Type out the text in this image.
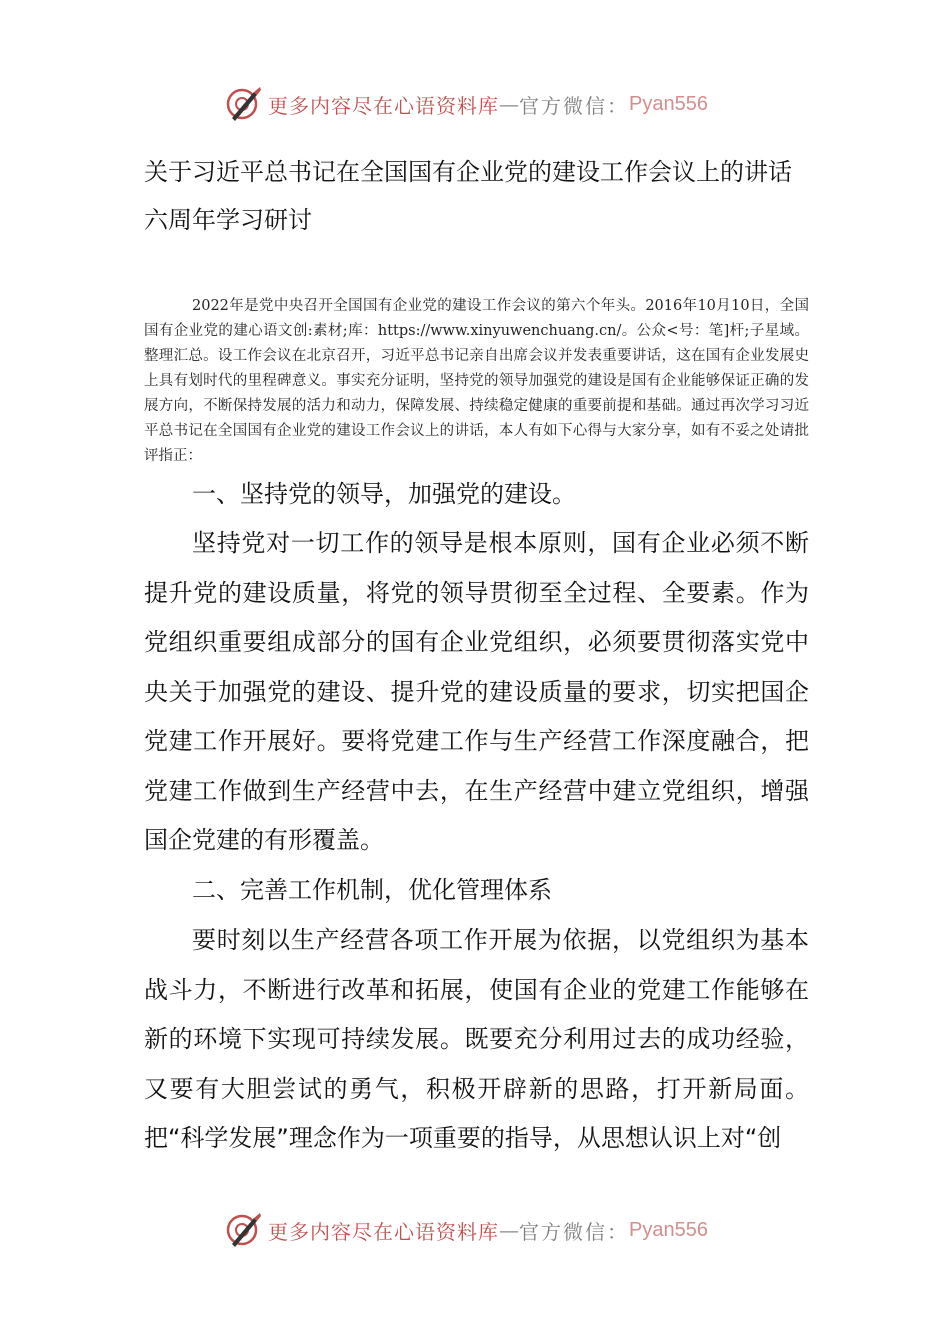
更多内容尽在心语资料库 — 官方微信： Pyan556
关于习近平总书记在全国国有企业党的建设工作会议上的讲话
六周年学习研讨

2022年是党中央召开全国国有企业党的建设工作会议的第六个年头。2016年10月10日，全国国有企业党的建心语文创:素材;库：https://www.xinyuwenchuang.cn/。公众<号：笔]杆;子星域。整理汇总。设工作会议在北京召开，习近平总书记亲自出席会议并发表重要讲话，这在国有企业发展史上具有划时代的里程碑意义。事实充分证明，坚持党的领导加强党的建设是国有企业能够保证正确的发展方向，不断保持发展的活力和动力，保障发展、持续稳定健康的重要前提和基础。通过再次学习习近平总书记在全国国有企业党的建设工作会议上的讲话，本人有如下心得与大家分享，如有不妥之处请批评指正：

一、坚持党的领导，加强党的建设。

坚持党对一切工作的领导是根本原则，国有企业必须不断提升党的建设质量，将党的领导贯彻至全过程、全要素。作为党组织重要组成部分的国有企业党组织，必须要贯彻落实党中央关于加强党的建设、提升党的建设质量的要求，切实把国企党建工作开展好。要将党建工作与生产经营工作深度融合，把党建工作做到生产经营中去，在生产经营中建立党组织，增强国企党建的有形覆盖。

二、完善工作机制，优化管理体系

要时刻以生产经营各项工作开展为依据，以党组织为基本战斗力，不断进行改革和拓展，使国有企业的党建工作能够在新的环境下实现可持续发展。既要充分利用过去的成功经验，又要有大胆尝试的勇气，积极开辟新的思路，打开新局面。把“科学发展”理念作为一项重要的指导，从思想认识上对“创

更多内容尽在心语资料库 — 官方微信： Pyan556
